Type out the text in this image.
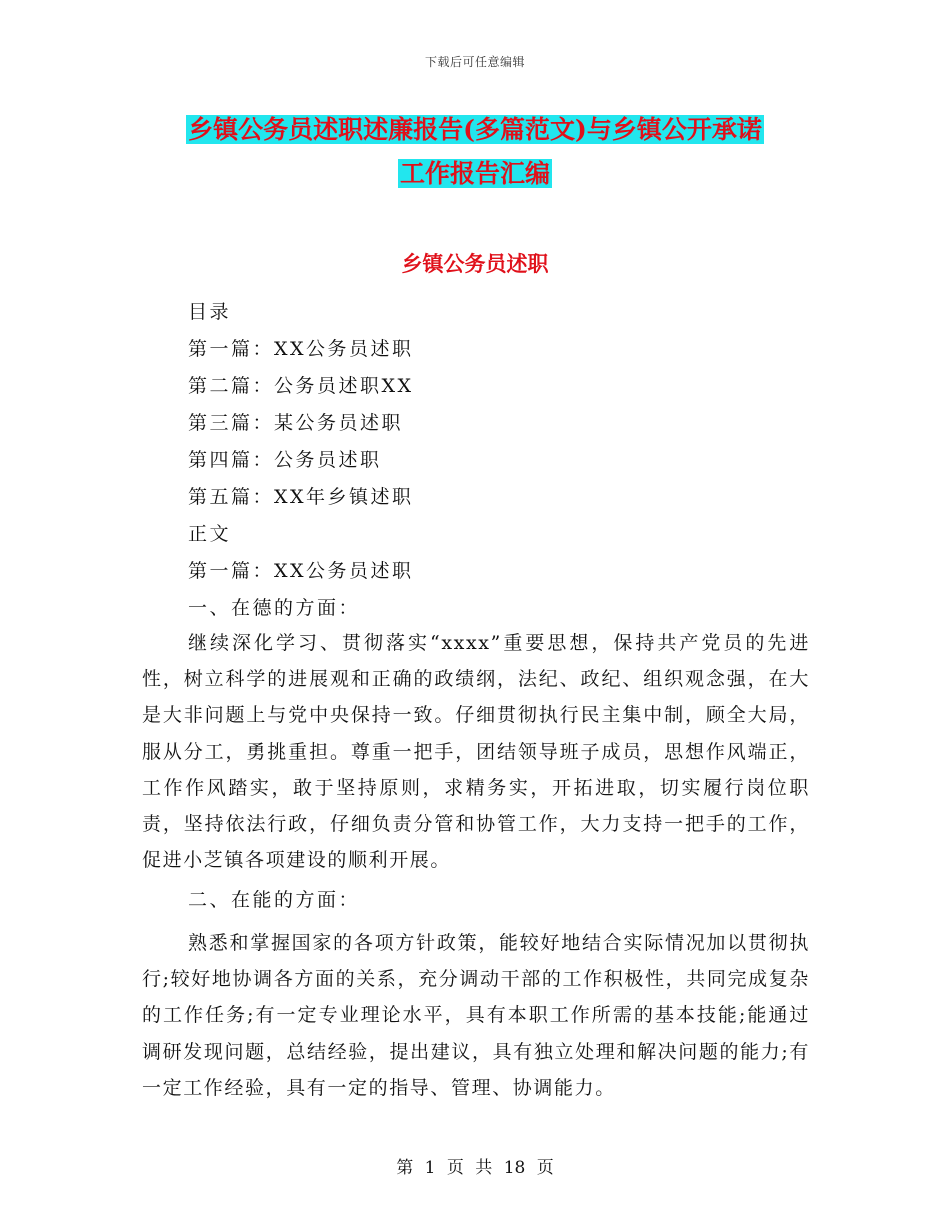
下载后可任意编辑
乡镇公务员述职述廉报告(多篇范文)与乡镇公开承诺
工作报告汇编
乡镇公务员述职
目录
第一篇：XX公务员述职
第二篇：公务员述职XX
第三篇：某公务员述职
第四篇：公务员述职
第五篇：XX年乡镇述职
正文
第一篇：XX公务员述职
一、在德的方面：

继续深化学习、贯彻落实“xxxx”重要思想，保持共产党员的先进性，树立科学的进展观和正确的政绩纲，法纪、政纪、组织观念强，在大是大非问题上与党中央保持一致。仔细贯彻执行民主集中制，顾全大局，服从分工，勇挑重担。尊重一把手，团结领导班子成员，思想作风端正，工作作风踏实，敢于坚持原则，求精务实，开拓进取，切实履行岗位职责，坚持依法行政，仔细负责分管和协管工作，大力支持一把手的工作，促进小芝镇各项建设的顺利开展。

二、在能的方面：

熟悉和掌握国家的各项方针政策，能较好地结合实际情况加以贯彻执行;较好地协调各方面的关系，充分调动干部的工作积极性，共同完成复杂的工作任务;有一定专业理论水平，具有本职工作所需的基本技能;能通过调研发现问题，总结经验，提出建议，具有独立处理和解决问题的能力;有一定工作经验，具有一定的指导、管理、协调能力。

第 1 页 共 18 页
